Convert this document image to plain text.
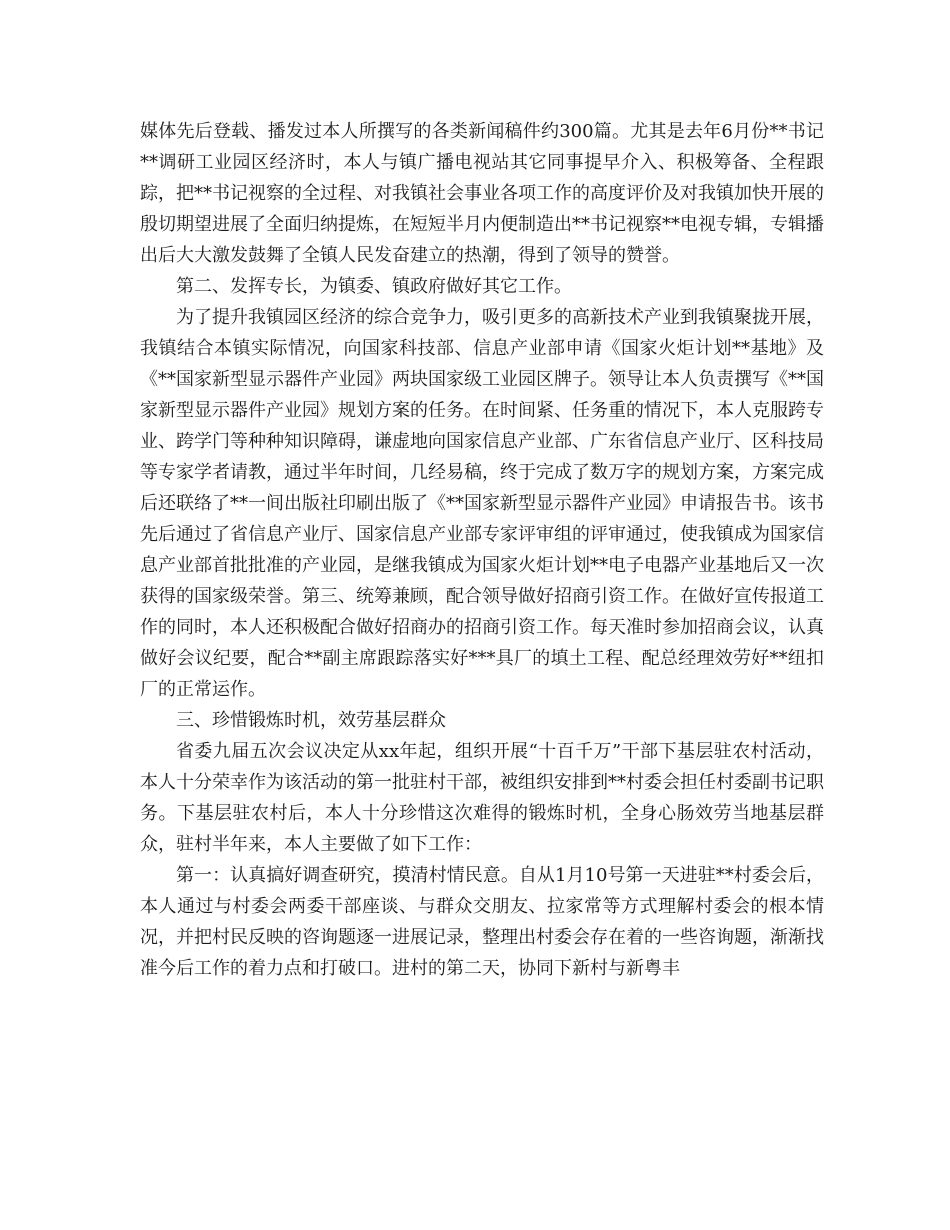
媒体先后登载、播发过本人所撰写的各类新闻稿件约300篇。尤其是去年6月份**书记**调研工业园区经济时，本人与镇广播电视站其它同事提早介入、积极筹备、全程跟踪，把**书记视察的全过程、对我镇社会事业各项工作的高度评价及对我镇加快开展的殷切期望进展了全面归纳提炼，在短短半月内便制造出**书记视察**电视专辑，专辑播出后大大激发鼓舞了全镇人民发奋建立的热潮，得到了领导的赞誉。

第二、发挥专长，为镇委、镇政府做好其它工作。

为了提升我镇园区经济的综合竞争力，吸引更多的高新技术产业到我镇聚拢开展，我镇结合本镇实际情况，向国家科技部、信息产业部申请《国家火炬计划**基地》及《**国家新型显示器件产业园》两块国家级工业园区牌子。领导让本人负责撰写《**国家新型显示器件产业园》规划方案的任务。在时间紧、任务重的情况下，本人克服跨专业、跨学门等种种知识障碍，谦虚地向国家信息产业部、广东省信息产业厅、区科技局等专家学者请教，通过半年时间，几经易稿，终于完成了数万字的规划方案，方案完成后还联络了**一间出版社印刷出版了《**国家新型显示器件产业园》申请报告书。该书先后通过了省信息产业厅、国家信息产业部专家评审组的评审通过，使我镇成为国家信息产业部首批批准的产业园，是继我镇成为国家火炬计划**电子电器产业基地后又一次获得的国家级荣誉。第三、统筹兼顾，配合领导做好招商引资工作。在做好宣传报道工作的同时，本人还积极配合做好招商办的招商引资工作。每天准时参加招商会议，认真做好会议纪要，配合**副主席跟踪落实好***具厂的填土工程、配总经理效劳好**纽扣厂的正常运作。

三、珍惜锻炼时机，效劳基层群众

省委九届五次会议决定从xx年起，组织开展“十百千万”干部下基层驻农村活动，本人十分荣幸作为该活动的第一批驻村干部，被组织安排到**村委会担任村委副书记职务。下基层驻农村后，本人十分珍惜这次难得的锻炼时机，全身心肠效劳当地基层群众，驻村半年来，本人主要做了如下工作：

第一：认真搞好调查研究，摸清村情民意。自从1月10号第一天进驻**村委会后，本人通过与村委会两委干部座谈、与群众交朋友、拉家常等方式理解村委会的根本情况，并把村民反映的咨询题逐一进展记录，整理出村委会存在着的一些咨询题，渐渐找准今后工作的着力点和打破口。进村的第二天，协同下新村与新粤丰
